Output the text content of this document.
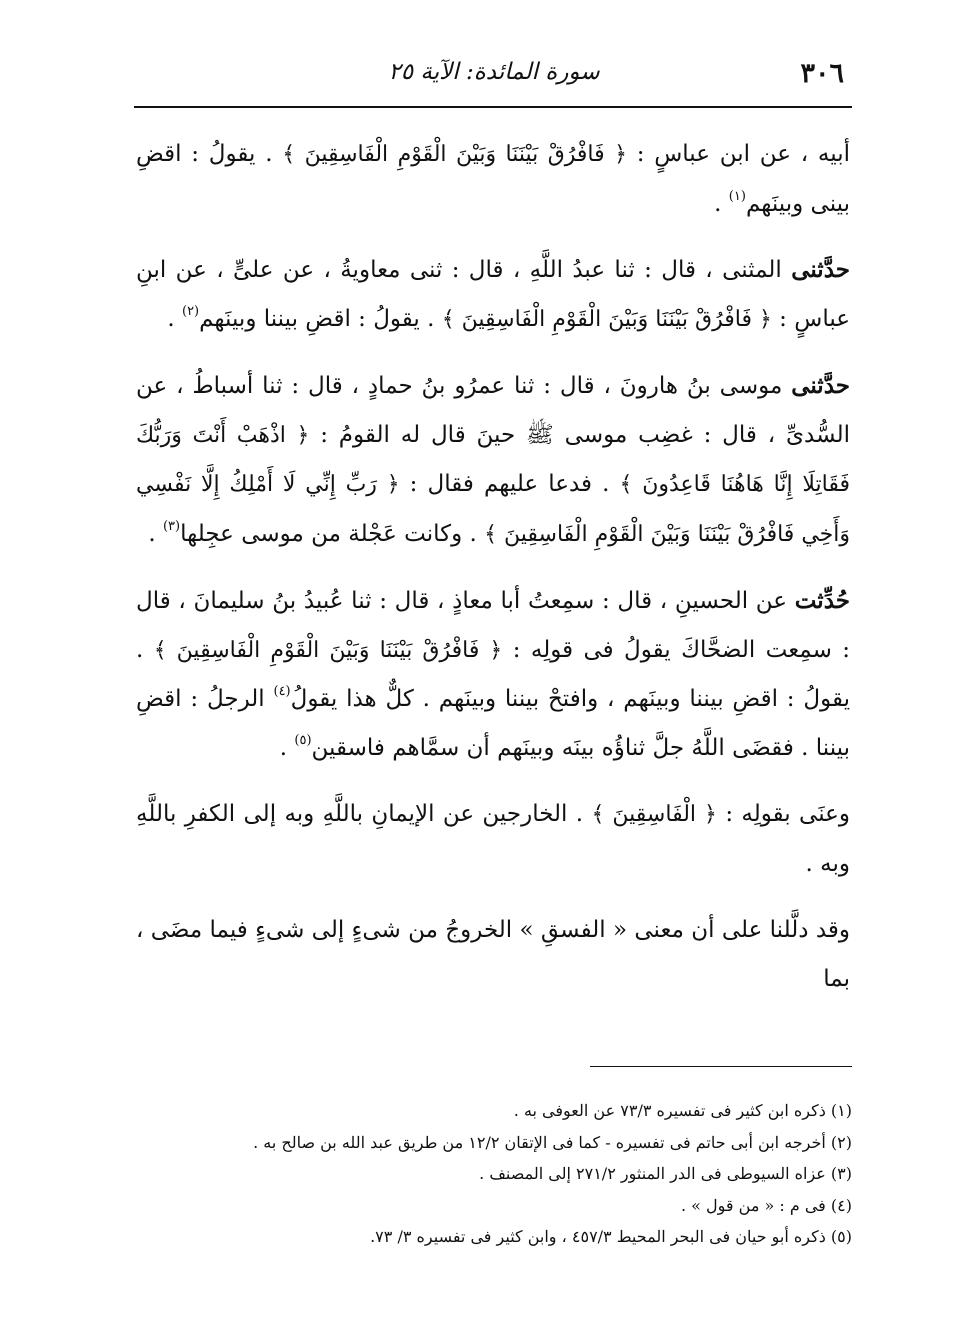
٣٠٦
سورة المائدة: الآية ٢٥

أبيه ، عن ابن عباسٍ : ﴿ فَافْرُقْ بَيْنَنَا وَبَيْنَ الْقَوْمِ الْفَاسِقِينَ ﴾ . يقولُ : اقضِ بينى وبينَهم$^{(١)}$ .

حدَّثنى المثنى ، قال : ثنا عبدُ اللَّهِ ، قال : ثنى معاويةُ ، عن علىٍّ ، عن ابنِ عباسٍ : ﴿ فَافْرُقْ بَيْنَنَا وَبَيْنَ الْقَوْمِ الْفَاسِقِينَ ﴾ . يقولُ : اقضِ بيننا وبينَهم$^{(٢)}$ .

حدَّثنى موسى بنُ هارونَ ، قال : ثنا عمرُو بنُ حمادٍ ، قال : ثنا أسباطُ ، عن السُّدىِّ ، قال : غضِب موسى ﷺ حينَ قال له القومُ : ﴿ اذْهَبْ أَنْتَ وَرَبُّكَ فَقَاتِلَا إِنَّا هَاهُنَا قَاعِدُونَ ﴾ . فدعا عليهم فقال : ﴿ رَبِّ إِنِّي لَا أَمْلِكُ إِلَّا نَفْسِي وَأَخِي فَافْرُقْ بَيْنَنَا وَبَيْنَ الْقَوْمِ الْفَاسِقِينَ ﴾ . وكانت عَجْلة من موسى عجِلها$^{(٣)}$ .

حُدِّثت عن الحسينِ ، قال : سمِعتُ أبا معاذٍ ، قال : ثنا عُبيدُ بنُ سليمانَ ، قال : سمِعت الضحَّاكَ يقولُ فى قولِه : ﴿ فَافْرُقْ بَيْنَنَا وَبَيْنَ الْقَوْمِ الْفَاسِقِينَ ﴾ . يقولُ : اقضِ بيننا وبينَهم ، وافتحْ بيننا وبينَهم . كلٌّ هذا يقولُ$^{(٤)}$ الرجلُ : اقضِ بيننا . فقضَى اللَّهُ جلَّ ثناؤُه بينَه وبينَهم أن سمَّاهم فاسقين$^{(٥)}$ .

وعنَى بقولِه : ﴿ الْفَاسِقِينَ ﴾ . الخارجين عن الإيمانِ باللَّهِ وبه إلى الكفرِ باللَّهِ وبه .

وقد دلَّلنا على أن معنى « الفسقِ » الخروجُ من شىءٍ إلى شىءٍ فيما مضَى ، بما

(١) ذكره ابن كثير فى تفسيره ٧٣/٣ عن العوفى به .

(٢) أخرجه ابن أبى حاتم فى تفسيره - كما فى الإتقان ١٢/٢ من طريق عبد الله بن صالح به .

(٣) عزاه السيوطى فى الدر المنثور ٢٧١/٢ إلى المصنف .

(٤) فى م : « من قول » .

(٥) ذكره أبو حيان فى البحر المحيط ٤٥٧/٣ ، وابن كثير فى تفسيره ٣/ ٧٣.
